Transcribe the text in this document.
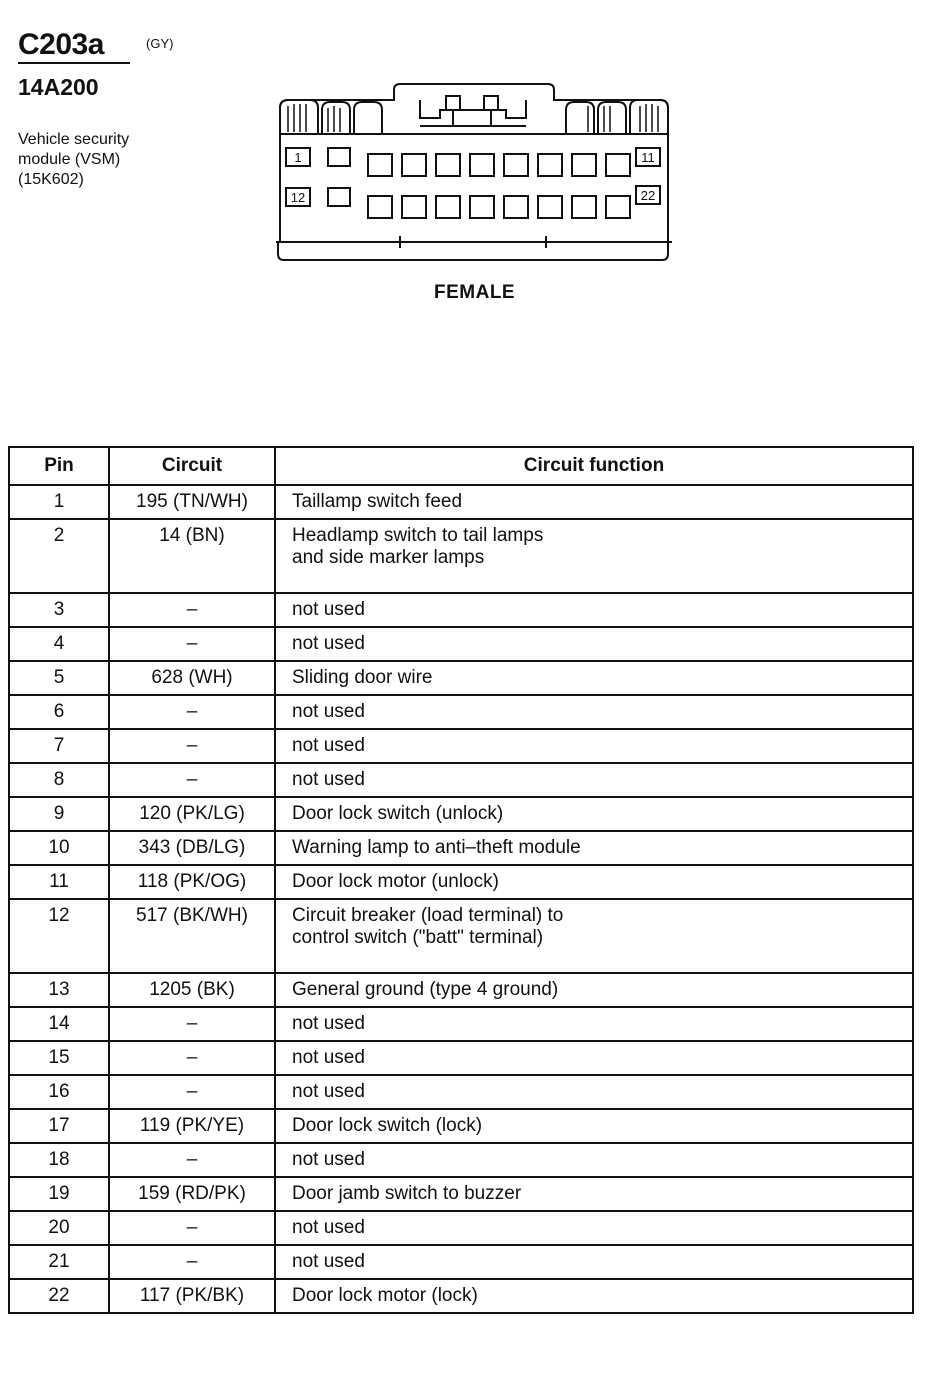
C203a	(GY)
14A200
Vehicle security
module (VSM)
(15K602)
1	11
12	22
FEMALE
Pin	Circuit	Circuit function
1	195 (TN/WH)	Taillamp switch feed
2	14 (BN)	Headlamp switch to tail lamps
and side marker lamps
3	–	not used
4	–	not used
5	628 (WH)	Sliding door wire
6	–	not used
7	–	not used
8	–	not used
9	120 (PK/LG)	Door lock switch (unlock)
10	343 (DB/LG)	Warning lamp to anti–theft module
11	118 (PK/OG)	Door lock motor (unlock)
12	517 (BK/WH)	Circuit breaker (load terminal) to
control switch ("batt" terminal)
13	1205 (BK)	General ground (type 4 ground)
14	–	not used
15	–	not used
16	–	not used
17	119 (PK/YE)	Door lock switch (lock)
18	–	not used
19	159 (RD/PK)	Door jamb switch to buzzer
20	–	not used
21	–	not used
22	117 (PK/BK)	Door lock motor (lock)
